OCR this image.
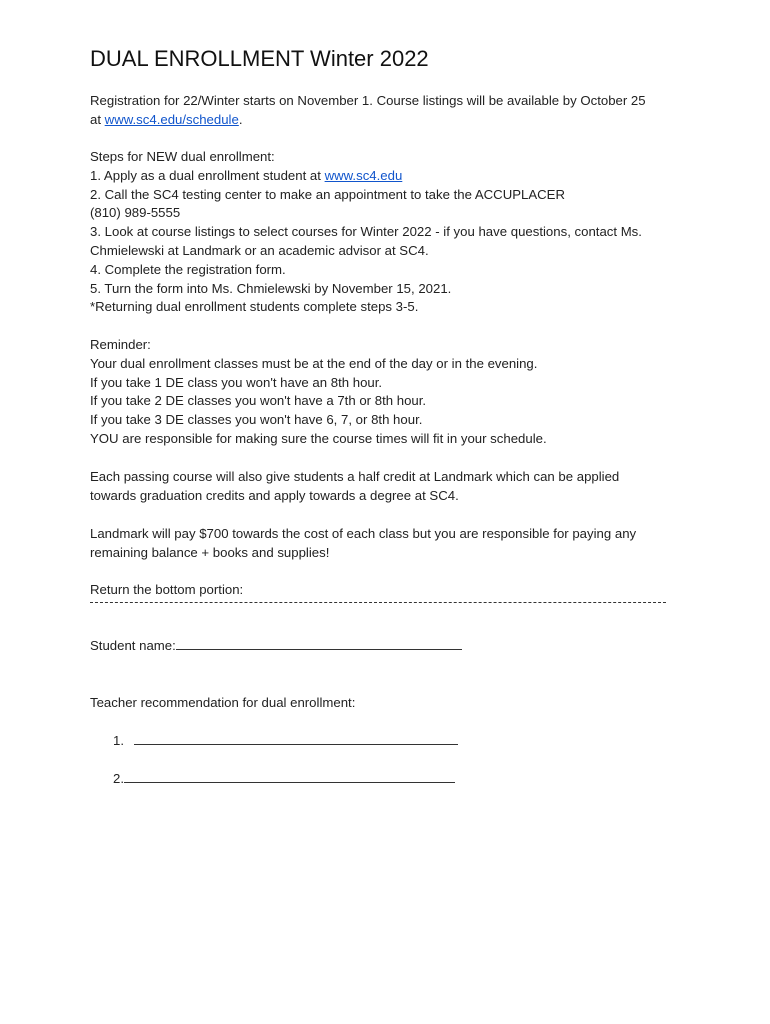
DUAL ENROLLMENT Winter 2022
Registration for 22/Winter starts on November 1. Course listings will be available by October 25
at www.sc4.edu/schedule.
Steps for NEW dual enrollment:
1. Apply as a dual enrollment student at www.sc4.edu
2. Call the SC4 testing center to make an appointment to take the ACCUPLACER
(810) 989-5555
3. Look at course listings to select courses for Winter 2022 - if you have questions, contact Ms.
Chmielewski at Landmark or an academic advisor at SC4.
4. Complete the registration form.
5. Turn the form into Ms. Chmielewski by November 15, 2021.
*Returning dual enrollment students complete steps 3-5.
Reminder:
Your dual enrollment classes must be at the end of the day or in the evening.
If you take 1 DE class you won't have an 8th hour.
If you take 2 DE classes you won't have a 7th or 8th hour.
If you take 3 DE classes you won't have 6, 7, or 8th hour.
YOU are responsible for making sure the course times will fit in your schedule.
Each passing course will also give students a half credit at Landmark which can be applied
towards graduation credits and apply towards a degree at SC4.
Landmark will pay $700 towards the cost of each class but you are responsible for paying any
remaining balance + books and supplies!
Return the bottom portion:
Student name:
Teacher recommendation for dual enrollment:
1.
2.
